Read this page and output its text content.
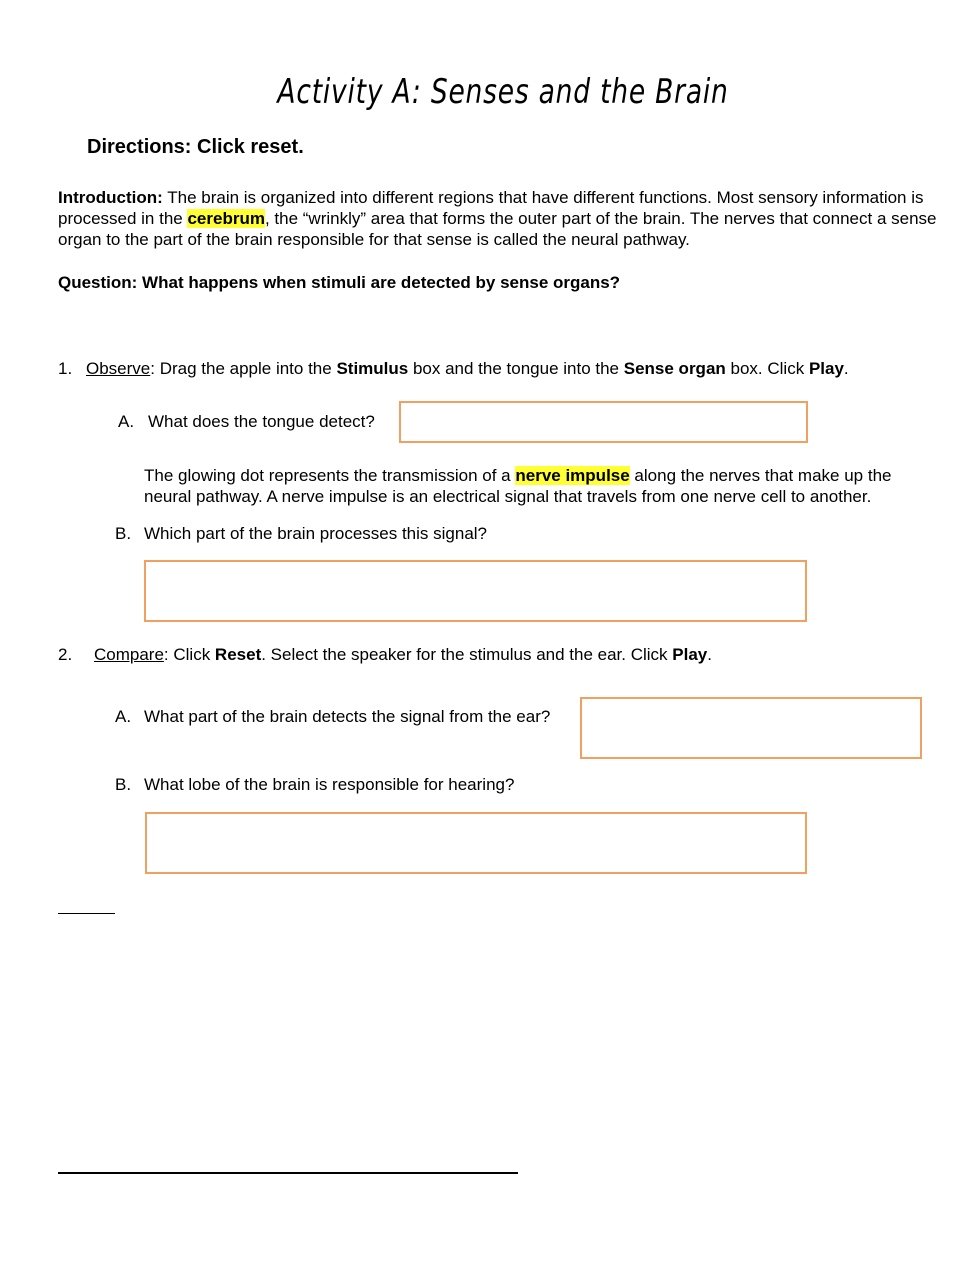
Activity A: Senses and the Brain
Directions: Click reset.
Introduction: The brain is organized into different regions that have different functions. Most sensory information is processed in the cerebrum, the “wrinkly” area that forms the outer part of the brain. The nerves that connect a sense organ to the part of the brain responsible for that sense is called the neural pathway.
Question: What happens when stimuli are detected by sense organs?
1. Observe: Drag the apple into the Stimulus box and the tongue into the Sense organ box. Click Play.
A. What does the tongue detect?
The glowing dot represents the transmission of a nerve impulse along the nerves that make up the neural pathway. A nerve impulse is an electrical signal that travels from one nerve cell to another.
B. Which part of the brain processes this signal?
2. Compare: Click Reset. Select the speaker for the stimulus and the ear. Click Play.
A. What part of the brain detects the signal from the ear?
B. What lobe of the brain is responsible for hearing?
